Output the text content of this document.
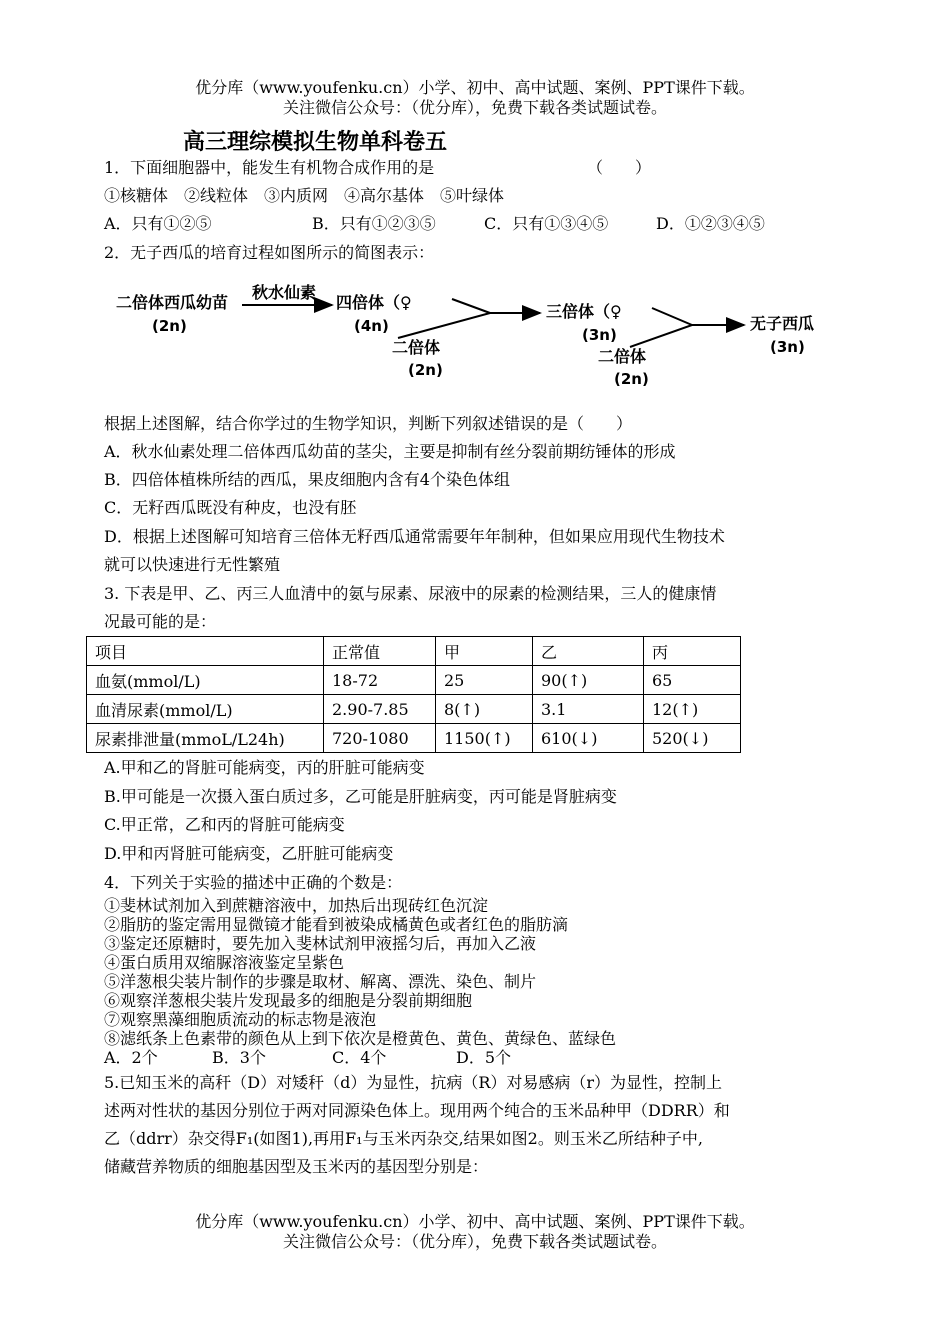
优分库（www.youfenku.cn）小学、初中、高中试题、案例、PPT课件下载。
关注微信公众号：（优分库），免费下载各类试题试卷。
高三理综模拟生物单科卷五
1．下面细胞器中，能发生有机物合成作用的是	（　　）
①核糖体　②线粒体　③内质网　④高尔基体　⑤叶绿体
A．只有①②⑤	B．只有①②③⑤	C．只有①③④⑤	D．①②③④⑤
2．无子西瓜的培育过程如图所示的简图表示：
二倍体西瓜幼苗
(2n)
秋水仙素
四倍体（♀
(4n)
二倍体
(2n)
三倍体（♀
(3n)
二倍体
(2n)
无子西瓜
(3n)
根据上述图解，结合你学过的生物学知识，判断下列叙述错误的是（　　）
A．秋水仙素处理二倍体西瓜幼苗的茎尖，主要是抑制有丝分裂前期纺锤体的形成
B．四倍体植株所结的西瓜，果皮细胞内含有4个染色体组
C．无籽西瓜既没有种皮，也没有胚
D．根据上述图解可知培育三倍体无籽西瓜通常需要年年制种，但如果应用现代生物技术
就可以快速进行无性繁殖
3. 下表是甲、乙、丙三人血清中的氨与尿素、尿液中的尿素的检测结果，三人的健康情
况最可能的是：
项目	正常值	甲	乙	丙
血氨(mmol/L)	18-72	25	90(↑)	65
血清尿素(mmol/L)	2.90-7.85	8(↑)	3.1	12(↑)
尿素排泄量(mmoL/L24h)	720-1080	1150(↑)	610(↓)	520(↓)
A.甲和乙的肾脏可能病变，丙的肝脏可能病变
B.甲可能是一次摄入蛋白质过多，乙可能是肝脏病变，丙可能是肾脏病变
C.甲正常，乙和丙的肾脏可能病变
D.甲和丙肾脏可能病变，乙肝脏可能病变
4．下列关于实验的描述中正确的个数是：
①斐林试剂加入到蔗糖溶液中，加热后出现砖红色沉淀
②脂肪的鉴定需用显微镜才能看到被染成橘黄色或者红色的脂肪滴
③鉴定还原糖时，要先加入斐林试剂甲液摇匀后，再加入乙液
④蛋白质用双缩脲溶液鉴定呈紫色
⑤洋葱根尖装片制作的步骤是取材、解离、漂洗、染色、制片
⑥观察洋葱根尖装片发现最多的细胞是分裂前期细胞
⑦观察黑藻细胞质流动的标志物是液泡
⑧滤纸条上色素带的颜色从上到下依次是橙黄色、黄色、黄绿色、蓝绿色
A．2个	B．3个	C．4个	D．5个
5.已知玉米的高秆（D）对矮秆（d）为显性，抗病（R）对易感病（r）为显性，控制上
述两对性状的基因分别位于两对同源染色体上。现用两个纯合的玉米品种甲（DDRR）和
乙（ddrr）杂交得F₁(如图1),再用F₁与玉米丙杂交,结果如图2。则玉米乙所结种子中,
储藏营养物质的细胞基因型及玉米丙的基因型分别是：
优分库（www.youfenku.cn）小学、初中、高中试题、案例、PPT课件下载。
关注微信公众号：（优分库），免费下载各类试题试卷。
